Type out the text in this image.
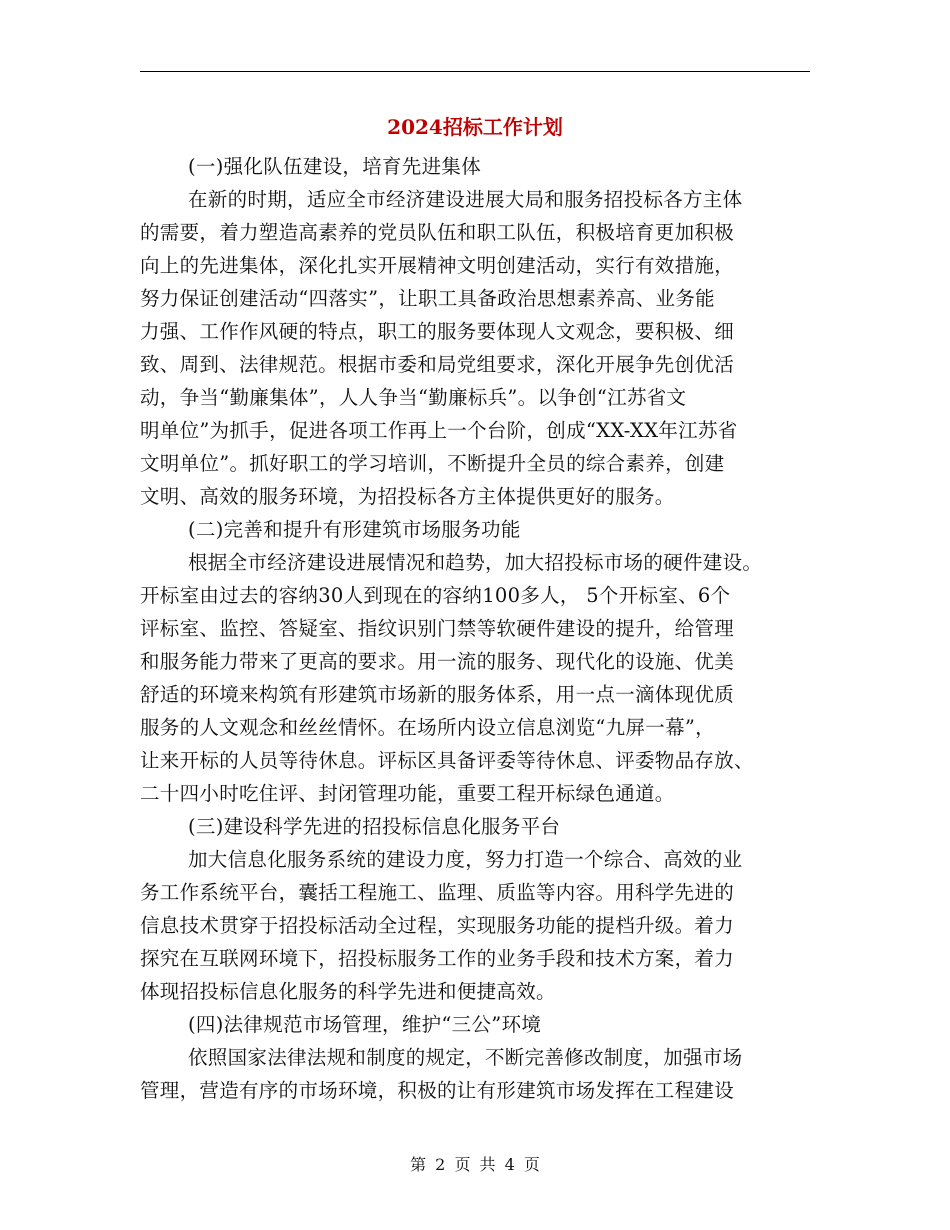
2024招标工作计划
(一)强化队伍建设，培育先进集体
在新的时期，适应全市经济建设进展大局和服务招投标各方主体
的需要，着力塑造高素养的党员队伍和职工队伍，积极培育更加积极
向上的先进集体，深化扎实开展精神文明创建活动，实行有效措施，
努力保证创建活动“四落实”，让职工具备政治思想素养高、业务能
力强、工作作风硬的特点，职工的服务要体现人文观念，要积极、细
致、周到、法律规范。根据市委和局党组要求，深化开展争先创优活
动，争当“勤廉集体”，人人争当“勤廉标兵”。以争创“江苏省文
明单位”为抓手，促进各项工作再上一个台阶，创成“XX-XX年江苏省
文明单位”。抓好职工的学习培训，不断提升全员的综合素养，创建
文明、高效的服务环境，为招投标各方主体提供更好的服务。
(二)完善和提升有形建筑市场服务功能
根据全市经济建设进展情况和趋势，加大招投标市场的硬件建设。
开标室由过去的容纳30人到现在的容纳100多人， 5个开标室、6个
评标室、监控、答疑室、指纹识别门禁等软硬件建设的提升，给管理
和服务能力带来了更高的要求。用一流的服务、现代化的设施、优美
舒适的环境来构筑有形建筑市场新的服务体系，用一点一滴体现优质
服务的人文观念和丝丝情怀。在场所内设立信息浏览“九屏一幕”，
让来开标的人员等待休息。评标区具备评委等待休息、评委物品存放、
二十四小时吃住评、封闭管理功能，重要工程开标绿色通道。
(三)建设科学先进的招投标信息化服务平台
加大信息化服务系统的建设力度，努力打造一个综合、高效的业
务工作系统平台，囊括工程施工、监理、质监等内容。用科学先进的
信息技术贯穿于招投标活动全过程，实现服务功能的提档升级。着力
探究在互联网环境下，招投标服务工作的业务手段和技术方案，着力
体现招投标信息化服务的科学先进和便捷高效。
(四)法律规范市场管理，维护“三公”环境
依照国家法律法规和制度的规定，不断完善修改制度，加强市场
管理，营造有序的市场环境，积极的让有形建筑市场发挥在工程建设
第 2 页 共 4 页
